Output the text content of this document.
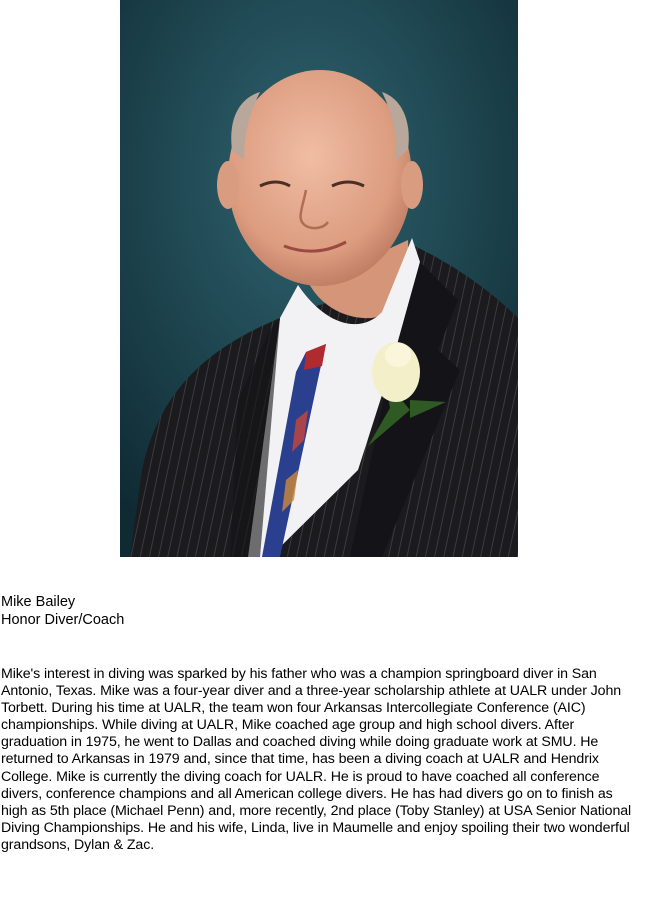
Mike Bailey
Honor Diver/Coach

Mike's interest in diving was sparked by his father who was a champion springboard diver in San Antonio, Texas. Mike was a four-year diver and a three-year scholarship athlete at UALR under John Torbett. During his time at UALR, the team won four Arkansas Intercollegiate Conference (AIC) championships. While diving at UALR, Mike coached age group and high school divers. After graduation in 1975, he went to Dallas and coached diving while doing graduate work at SMU. He returned to Arkansas in 1979 and, since that time, has been a diving coach at UALR and Hendrix College. Mike is currently the diving coach for UALR. He is proud to have coached all conference divers, conference champions and all American college divers. He has had divers go on to finish as high as 5th place (Michael Penn) and, more recently, 2nd place (Toby Stanley) at USA Senior National Diving Championships. He and his wife, Linda, live in Maumelle and enjoy spoiling their two wonderful grandsons, Dylan & Zac.
